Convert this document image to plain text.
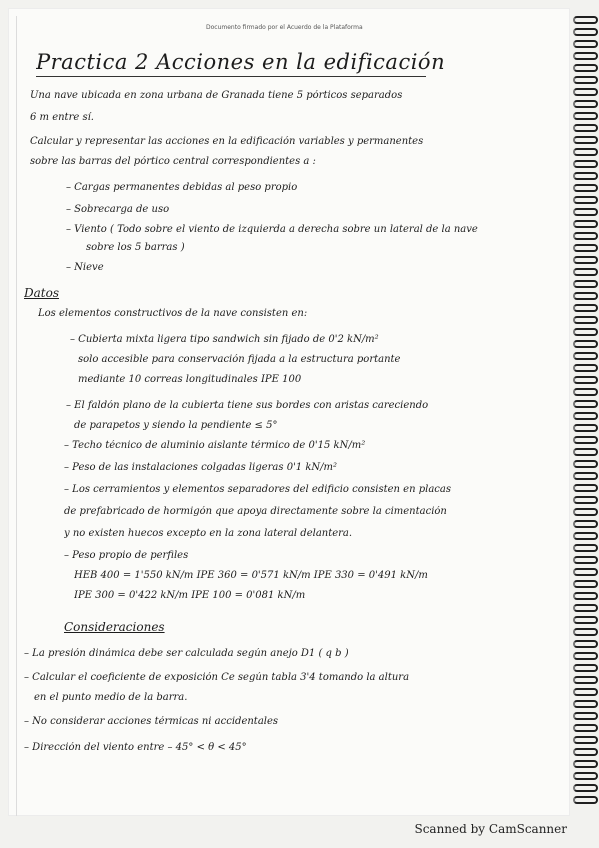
Documento firmado por el Acuerdo de la Plataforma
Practica 2 Acciones en la edificación
Una nave ubicada en zona urbana de Granada tiene 5 pórticos separados
6 m entre sí.
Calcular y representar las acciones en la edificación variables y permanentes
sobre las barras del pórtico central correspondientes a :
– Cargas permanentes debidas al peso propio
– Sobrecarga de uso
– Viento ( Todo sobre el viento de izquierda a derecha sobre un lateral de la nave
sobre los 5 barras )
– Nieve
Datos
Los elementos constructivos de la nave consisten en:
– Cubierta mixta ligera tipo sandwich sin fijado de 0'2 kN/m²
solo accesible para conservación fijada a la estructura portante
mediante 10 correas longitudinales IPE 100
– El faldón plano de la cubierta tiene sus bordes con aristas careciendo
de parapetos y siendo la pendiente ≤ 5°
– Techo técnico de aluminio aislante térmico de 0'15 kN/m²
– Peso de las instalaciones colgadas ligeras 0'1 kN/m²
– Los cerramientos y elementos separadores del edificio consisten en placas
de prefabricado de hormigón que apoya directamente sobre la cimentación
y no existen huecos excepto en la zona lateral delantera.
– Peso propio de perfiles
HEB 400 = 1'550 kN/m IPE 360 = 0'571 kN/m IPE 330 = 0'491 kN/m
IPE 300 = 0'422 kN/m IPE 100 = 0'081 kN/m
Consideraciones
– La presión dinámica debe ser calculada según anejo D1 ( q b )
– Calcular el coeficiente de exposición Ce según tabla 3'4 tomando la altura
en el punto medio de la barra.
– No considerar acciones térmicas ni accidentales
– Dirección del viento entre – 45° < θ < 45°
Scanned by CamScanner
